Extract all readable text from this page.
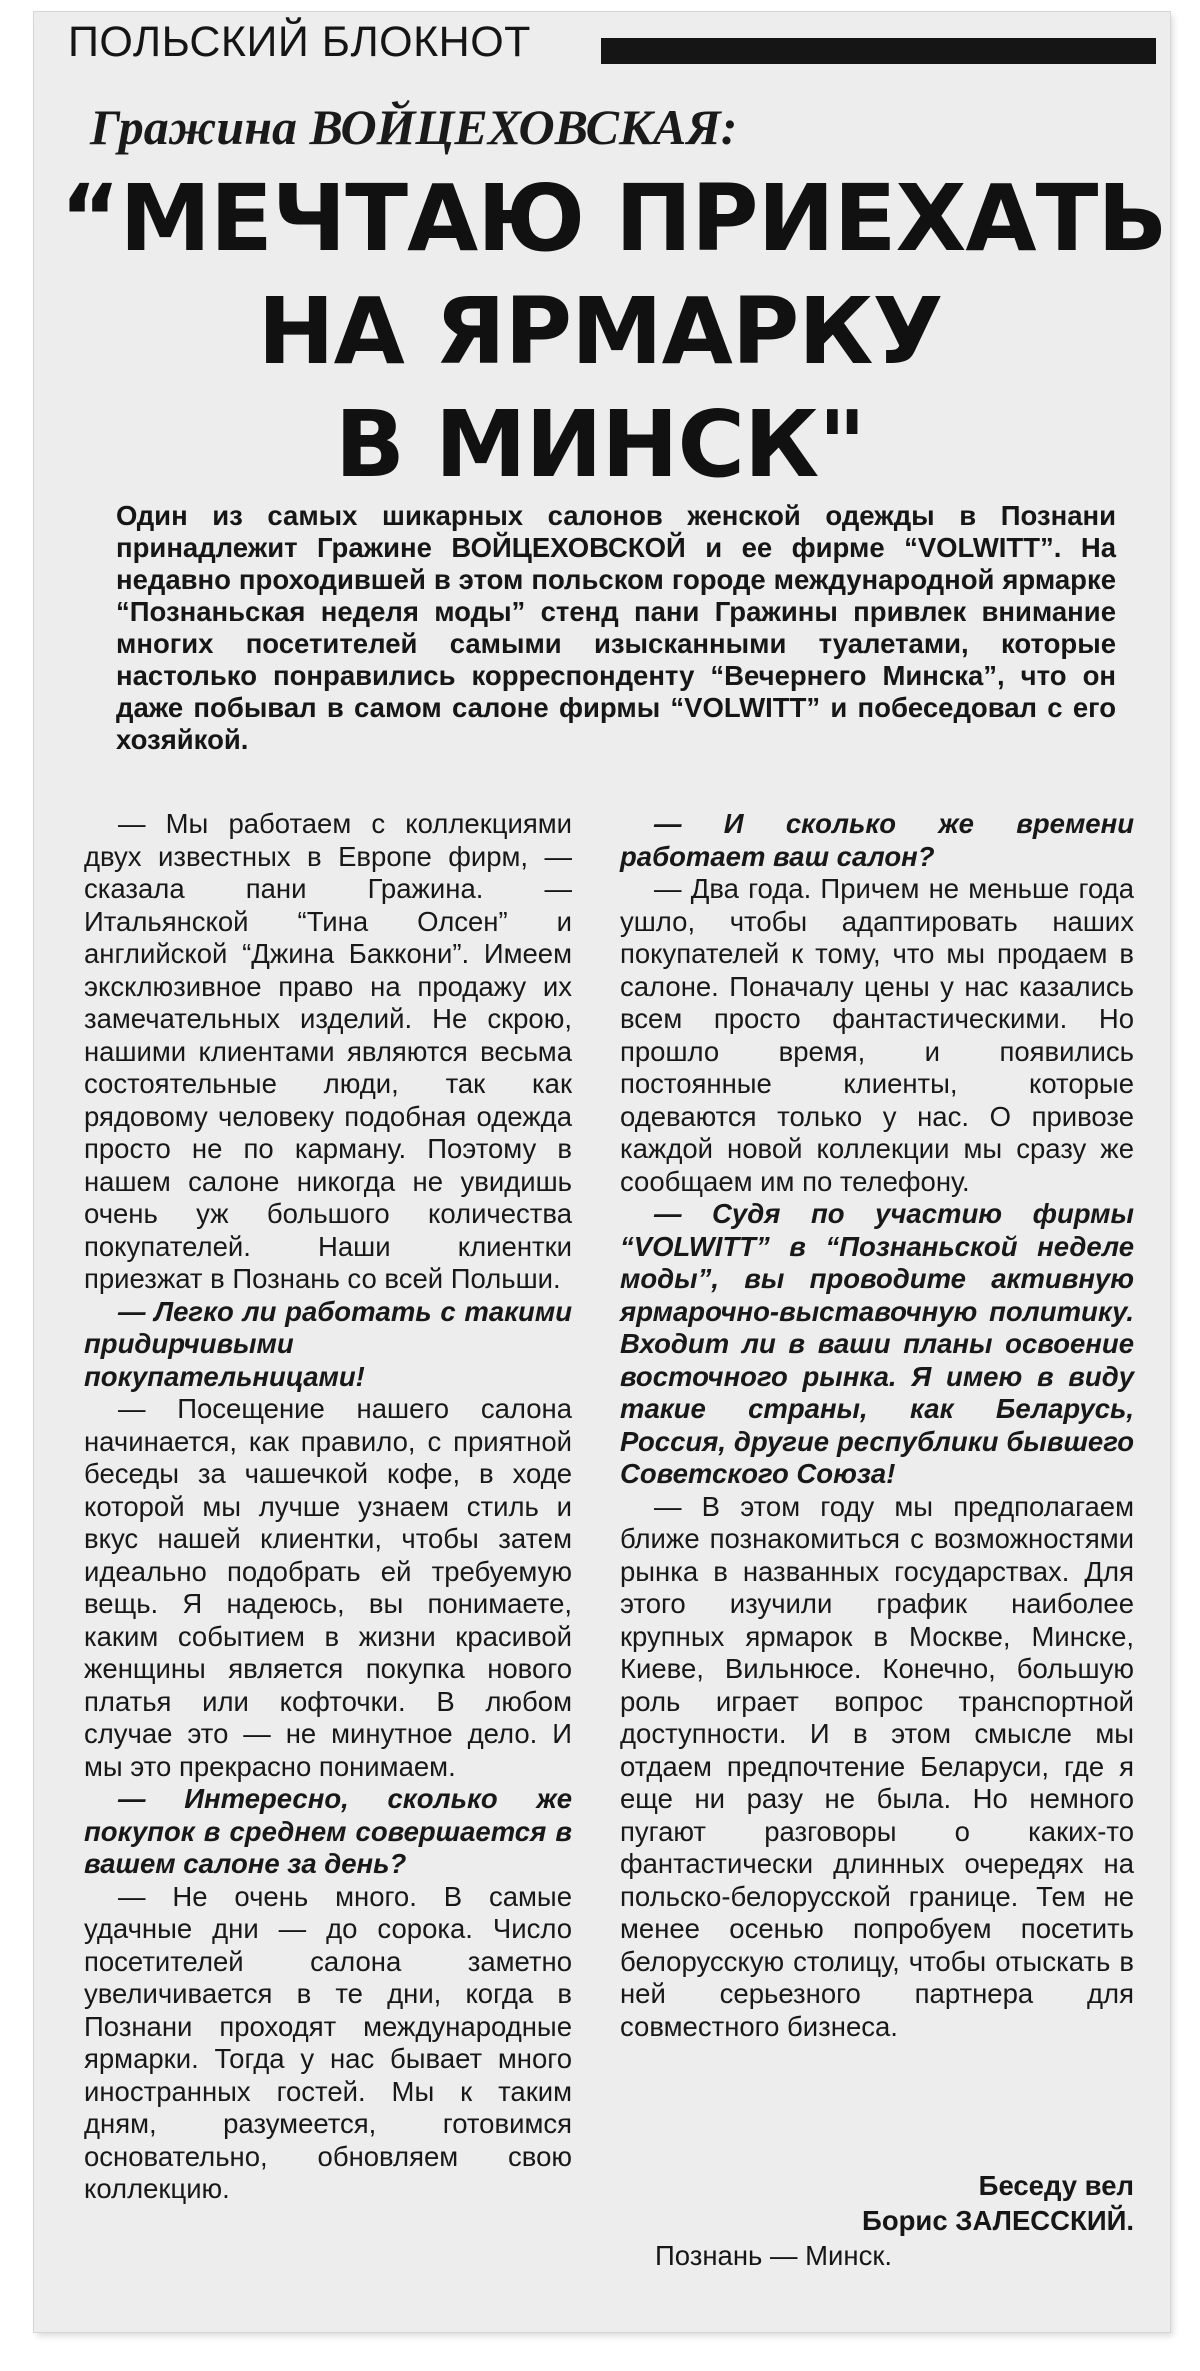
ПОЛЬСКИЙ БЛОКНОТ
Гражина ВОЙЦЕХОВСКАЯ:
“МЕЧТАЮ ПРИЕХАТЬ
НА ЯРМАРКУ
В МИНСК"
Один из самых шикарных салонов женской одежды в Познани принадлежит Гражине ВОЙЦЕХОВСКОЙ и ее фирме “VOLWITT”. На недавно проходившей в этом польском городе международной ярмарке “Познаньская неделя моды” стенд пани Гражины привлек внимание многих посетителей самыми изысканными туалетами, которые настолько понравились корреспонденту “Вечернего Минска”, что он даже побывал в самом салоне фирмы “VOLWITT” и побеседовал с его хозяйкой.

— Мы работаем с коллекциями двух известных в Европе фирм, — сказала пани Гражина. — Итальянской “Тина Олсен” и английской “Джина Баккони”. Имеем эксклюзивное право на продажу их замечательных изделий. Не скрою, нашими клиентами являются весьма состоятельные люди, так как рядовому человеку подобная одежда просто не по карману. Поэтому в нашем салоне никогда не увидишь очень уж большого количества покупателей. Наши клиентки приезжат в Познань со всей Польши.

— Легко ли работать с такими придирчивыми покупательницами!

— Посещение нашего салона начинается, как правило, с приятной беседы за чашечкой кофе, в ходе которой мы лучше узнаем стиль и вкус нашей клиентки, чтобы затем идеально подобрать ей требуемую вещь. Я надеюсь, вы понимаете, каким событием в жизни красивой женщины является покупка нового платья или кофточки. В любом случае это — не минутное дело. И мы это прекрасно понимаем.

— Интересно, сколько же покупок в среднем совершается в вашем салоне за день?

— Не очень много. В самые удачные дни — до сорока. Число посетителей салона заметно увеличивается в те дни, когда в Познани проходят международные ярмарки. Тогда у нас бывает много иностранных гостей. Мы к таким дням, разумеется, готовимся основательно, обновляем свою коллекцию.

— И сколько же времени работает ваш салон?

— Два года. Причем не меньше года ушло, чтобы адаптировать наших покупателей к тому, что мы продаем в салоне. Поначалу цены у нас казались всем просто фантастическими. Но прошло время, и появились постоянные клиенты, которые одеваются только у нас. О привозе каждой новой коллекции мы сразу же сообщаем им по телефону.

— Судя по участию фирмы “VOLWITT” в “Познаньской неделе моды”, вы проводите активную ярмарочно-выставочную политику. Входит ли в ваши планы освоение восточного рынка. Я имею в виду такие страны, как Беларусь, Россия, другие республики бывшего Советского Союза!

— В этом году мы предполагаем ближе познакомиться с возможностями рынка в названных государствах. Для этого изучили график наиболее крупных ярмарок в Москве, Минске, Киеве, Вильнюсе. Конечно, большую роль играет вопрос транспортной доступности. И в этом смысле мы отдаем предпочтение Беларуси, где я еще ни разу не была. Но немного пугают разговоры о каких-то фантастически длинных очередях на польско-белорусской границе. Тем не менее осенью попробуем посетить белорусскую столицу, чтобы отыскать в ней серьезного партнера для совместного бизнеса.

Беседу вел
Борис ЗАЛЕССКИЙ.
Познань — Минск.
